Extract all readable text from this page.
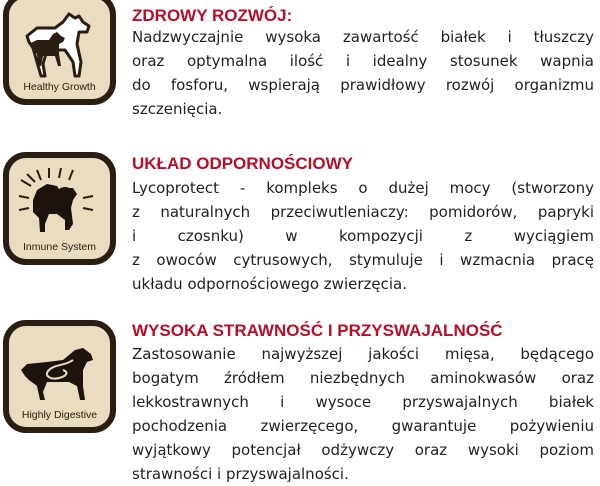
Healthy Growth
ZDROWY ROZWÓJ:
Nadzwyczajnie wysoka zawartość białek i tłuszczy
oraz optymalna ilość i idealny stosunek wapnia
do fosforu, wspierają prawidłowy rozwój organizmu
szczenięcia.
Inmune System
UKŁAD ODPORNOŚCIOWY
Lycoprotect - kompleks o dużej mocy (stworzony
z naturalnych przeciwutleniaczy: pomidorów, papryki
i czosnku) w kompozycji z wyciągiem
z owoców cytrusowych, stymuluje i wzmacnia pracę
układu odpornościowego zwierzęcia.
Highly Digestive
WYSOKA STRAWNOŚĆ I PRZYSWAJALNOŚĆ
Zastosowanie najwyższej jakości mięsa, będącego
bogatym źródłem niezbędnych aminokwasów oraz
lekkostrawnych i wysoce przyswajalnych białek
pochodzenia zwierzęcego, gwarantuje pożywieniu
wyjątkowy potencjał odżywczy oraz wysoki poziom
strawności i przyswajalności.
